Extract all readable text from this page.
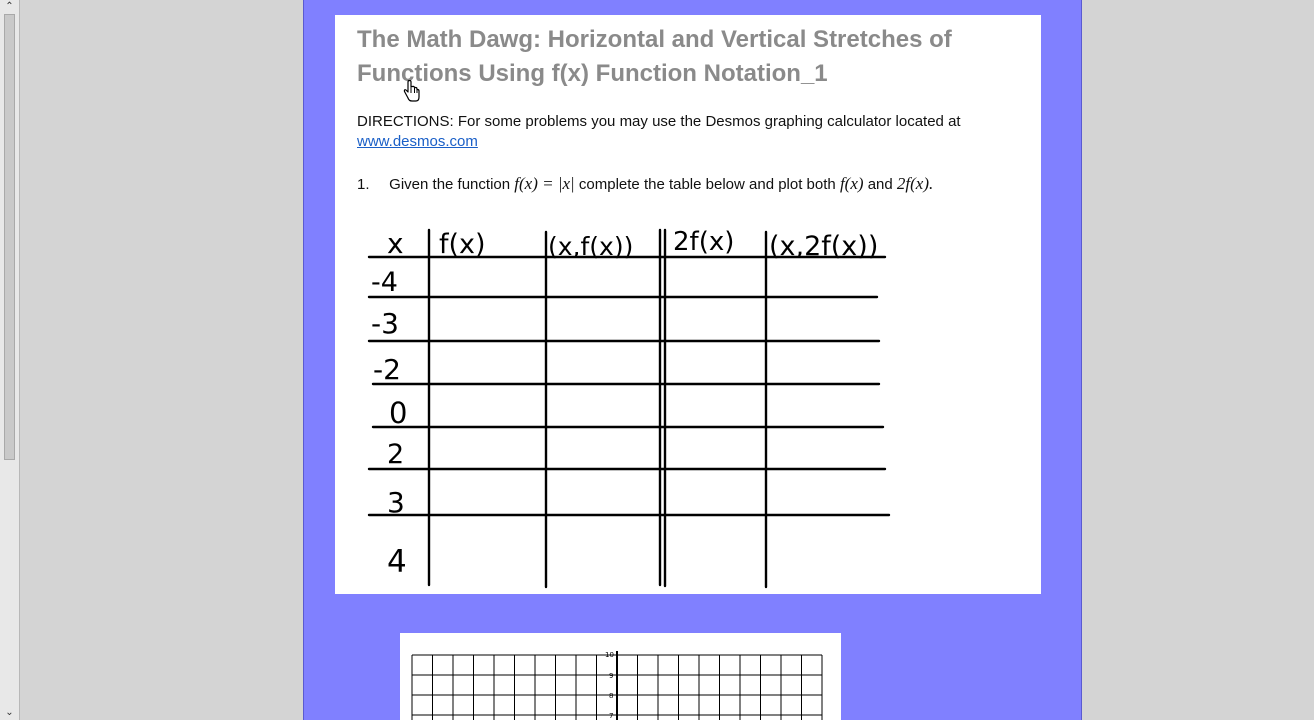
⌃
⌄
The Math Dawg: Horizontal and Vertical Stretches of Functions Using f(x) Function Notation_1
DIRECTIONS: For some problems you may use the Desmos graphing calculator located at
www.desmos.com
1. Given the function f(x) = |x| complete the table below and plot both f(x) and 2f(x).
x f(x) (x,f(x)) 2f(x) (x,2f(x))
-4
-3
-2
0
2
3
4
10
9
8
7
